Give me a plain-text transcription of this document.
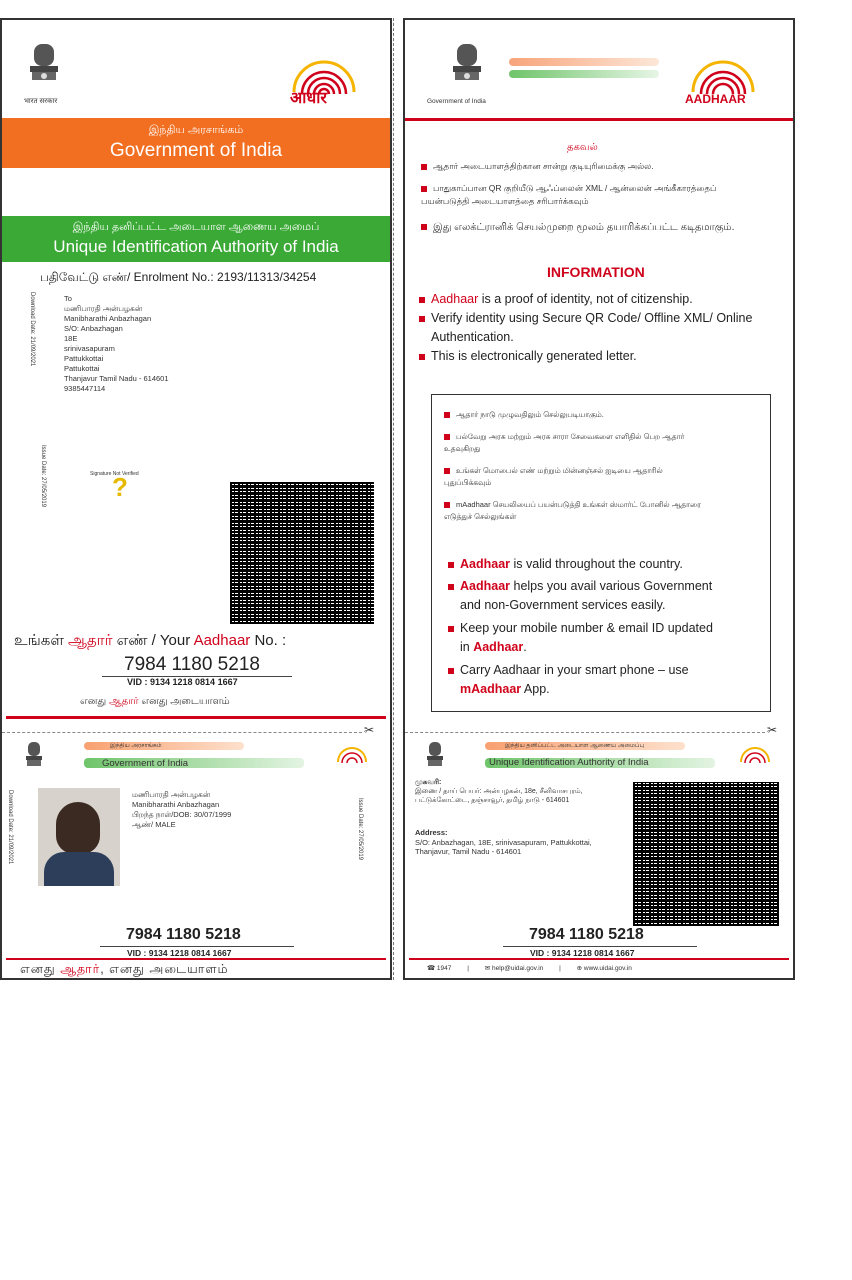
भारत सरकार	आधार
இந்திய அரசாங்கம்
Government of India
இந்திய தனிப்பட்ட அடையாள ஆணைய அமைப்
Unique Identification Authority of India
பதிவேட்டு எண்/ Enrolment No.: 2193/11313/34254
Download Date: 21/09/2021
Issue Date: 27/05/2019
To
மணிபாரதி அன்பழகன்
Manibharathi Anbazhagan
S/O: Anbazhagan
18E
srinivasapuram
Pattukkottai
Pattukottai
Thanjavur Tamil Nadu - 614601
9385447114
Signature Not Verified
?
உங்கள் ஆதார் எண் / Your Aadhaar No. :
7984 1180 5218
VID : 9134 1218 0814 1667
எனது ஆதார் எனது அடையாளம்
✂
இந்திய அரசாங்கம்
Government of India
Download Date: 21/09/2021	Issue Date: 27/05/2019
மணிபாரதி அன்பழகன்
Manibharathi Anbazhagan
பிறந்த நாள்/DOB: 30/07/1999
ஆண்/ MALE
7984 1180 5218
VID : 9134 1218 0814 1667
எனது ஆதார், எனது அடையாளம்
Government of India	AADHAAR
தகவல்
ஆதார் அடையாளத்திற்கான சான்று குடியுரிமைக்கு அல்ல.
பாதுகாப்பான QR குறியீடு ஆஃப்லைன் XML / ஆன்லைன் அங்கீகாரத்தைப் பயன்படுத்தி அடையாளத்தை சரிபார்க்கவும்
இது எலக்ட்ரானிக் செயல்முறை மூலம் தயாரிக்கப்பட்ட கடிதமாகும்.
INFORMATION
Aadhaar is a proof of identity, not of citizenship.
Verify identity using Secure QR Code/ Offline XML/ Online
Authentication.
This is electronically generated letter.
ஆதார் நாடு முழுவதிலும் செல்லுபடியாகும்.
பல்வேறு அரசு மற்றும் அரசு சாரா சேவைகளை எளிதில் பெற ஆதார் உதவுகிறது
உங்கள் மொபைல் எண் மற்றும் மின்னஞ்சல் ஐடியை ஆதாரில் புதுப்பிக்கவும்
mAadhaar செயலியைப் பயன்படுத்தி உங்கள் ஸ்மார்ட் போனில் ஆதாரை எடுத்துச் செல்லுங்கள்
Aadhaar is valid throughout the country.
Aadhaar helps you avail various Government
and non-Government services easily.
Keep your mobile number & email ID updated
in Aadhaar.
Carry Aadhaar in your smart phone – use
mAadhaar App.
✂
இந்திய தனிப்பட்ட அடையாள ஆணைய அமைப்பு
Unique Identification Authority of India
முகவரி:
இணை / தாய் பெயர்: அன்பழகன், 18e, சீனிவாசபுரம், பட்டுக்கோட்டை, தஞ்சாவூர், தமிழ் நாடு - 614601
Address:
S/O: Anbazhagan, 18E, srinivasapuram, Pattukkottai, Thanjavur, Tamil Nadu - 614601
7984 1180 5218
VID : 9134 1218 0814 1667
☎ 1947 | ✉ help@uidai.gov.in | ⊕ www.uidai.gov.in
